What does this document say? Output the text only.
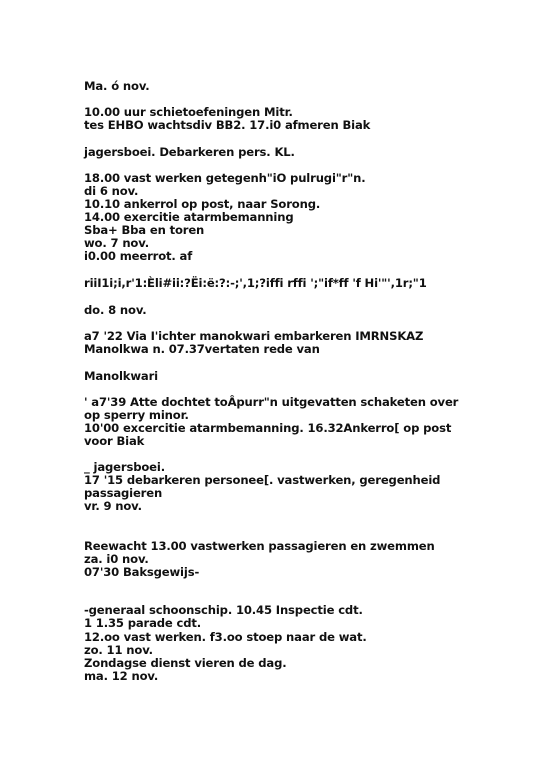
Ma. ó nov.
10.00 uur schietoefeningen Mitr.
tes EHBO wachtsdiv BB2. 17.i0 afmeren Biak
jagersboei. Debarkeren pers. KL.
18.00 vast werken getegenh"iO pulrugi"r"n.
di 6 nov.
10.10 ankerrol op post, naar Sorong.
14.00 exercitie atarmbemanning
Sba+ Bba en toren
wo. 7 nov.
i0.00 meerrot. af
riiI1i;i,r'1:Èli#ii:?Ëi:ë:?:-;',1;?iffi rffi ';"if*ff 'f Hi'"',1r;"1
do. 8 nov.
a7 '22 Via I'ichter manokwari embarkeren IMRNSKAZ
Manolkwa n. 07.37vertaten rede van
Manolkwari
' a7'39 Atte dochtet toÂpurr"n uitgevatten schaketen over
op sperry minor.
10'00 excercitie atarmbemanning. 16.32Ankerro[ op post
voor Biak
_ jagersboei.
17 '15 debarkeren personee[. vastwerken, geregenheid
passagieren
vr. 9 nov.
Reewacht 13.00 vastwerken passagieren en zwemmen
za. i0 nov.
07'30 Baksgewijs-
-generaal schoonschip. 10.45 Inspectie cdt.
1 1.35 parade cdt.
12.oo vast werken. f3.oo stoep naar de wat.
zo. 11 nov.
Zondagse dienst vieren de dag.
ma. 12 nov.
